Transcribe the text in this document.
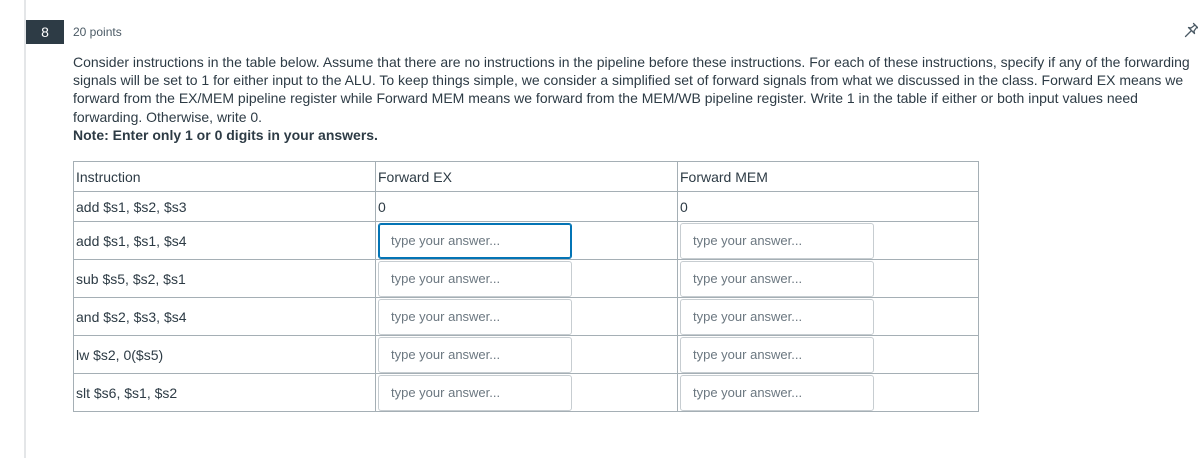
8	20 points

Consider instructions in the table below. Assume that there are no instructions in the pipeline before these instructions. For each of these instructions, specify if any of the forwarding signals will be set to 1 for either input to the ALU. To keep things simple, we consider a simplified set of forward signals from what we discussed in the class. Forward EX means we forward from the EX/MEM pipeline register while Forward MEM means we forward from the MEM/WB pipeline register. Write 1 in the table if either or both input values need forwarding. Otherwise, write 0.

Note: Enter only 1 or 0 digits in your answers.

Instruction	Forward EX	Forward MEM
add $s1, $s2, $s3	0	0
add $s1, $s1, $s4	type your answer...	type your answer...
sub $s5, $s2, $s1	type your answer...	type your answer...
and $s2, $s3, $s4	type your answer...	type your answer...
lw $s2, 0($s5)	type your answer...	type your answer...
slt $s6, $s1, $s2	type your answer...	type your answer...
